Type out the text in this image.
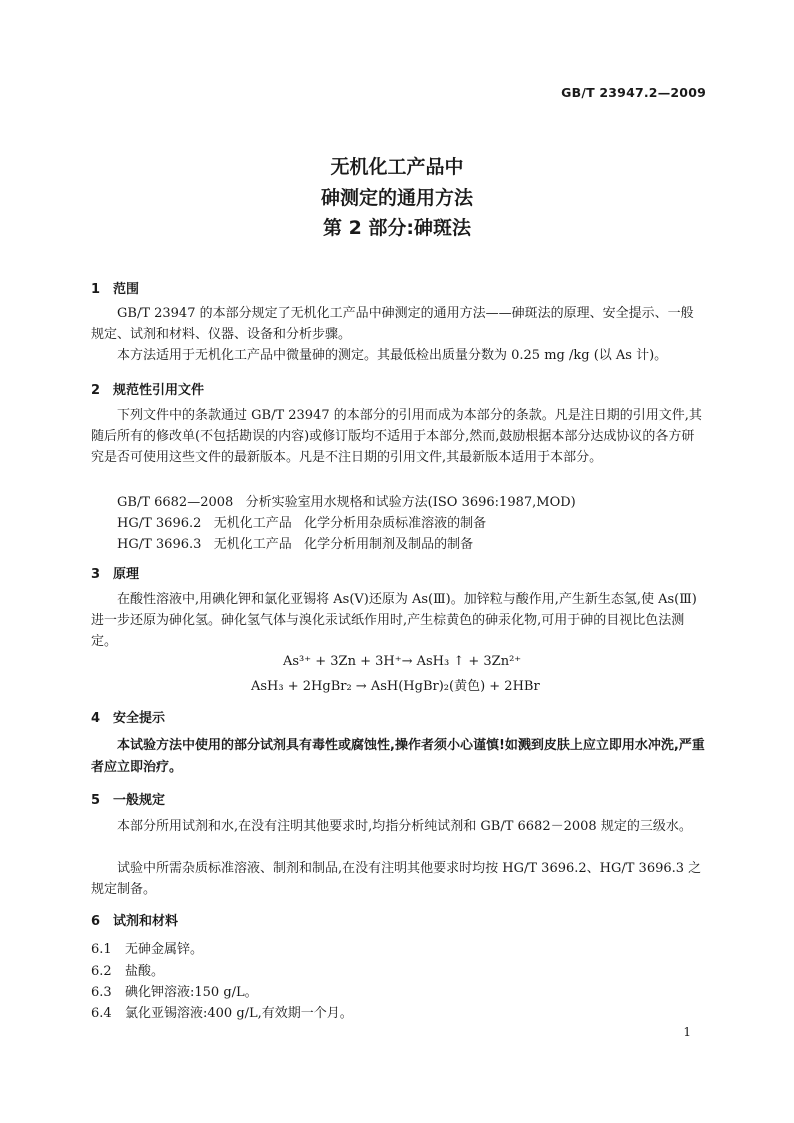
GB/T 23947.2—2009
无机化工产品中
砷测定的通用方法
第 2 部分:砷斑法
1 范围
GB/T 23947 的本部分规定了无机化工产品中砷测定的通用方法——砷斑法的原理、安全提示、一般规定、试剂和材料、仪器、设备和分析步骤。
本方法适用于无机化工产品中微量砷的测定。其最低检出质量分数为 0.25 mg /kg (以 As 计)。
2 规范性引用文件
下列文件中的条款通过 GB/T 23947 的本部分的引用而成为本部分的条款。凡是注日期的引用文件,其随后所有的修改单(不包括勘误的内容)或修订版均不适用于本部分,然而,鼓励根据本部分达成协议的各方研究是否可使用这些文件的最新版本。凡是不注日期的引用文件,其最新版本适用于本部分。
GB/T 6682—2008   分析实验室用水规格和试验方法(ISO 3696:1987,MOD)
HG/T 3696.2   无机化工产品   化学分析用杂质标准溶液的制备
HG/T 3696.3   无机化工产品   化学分析用制剂及制品的制备
3 原理
在酸性溶液中,用碘化钾和氯化亚锡将 As(Ⅴ)还原为 As(Ⅲ)。加锌粒与酸作用,产生新生态氢,使 As(Ⅲ)进一步还原为砷化氢。砷化氢气体与溴化汞试纸作用时,产生棕黄色的砷汞化物,可用于砷的目视比色法测定。
As³⁺ + 3Zn + 3H⁺→ AsH₃ ↑ + 3Zn²⁺
AsH₃ + 2HgBr₂ → AsH(HgBr)₂(黄色) + 2HBr
4 安全提示
本试验方法中使用的部分试剂具有毒性或腐蚀性,操作者须小心谨慎!如溅到皮肤上应立即用水冲洗,严重者应立即治疗。
5 一般规定
本部分所用试剂和水,在没有注明其他要求时,均指分析纯试剂和 GB/T 6682－2008 规定的三级水。
试验中所需杂质标准溶液、制剂和制品,在没有注明其他要求时均按 HG/T 3696.2、HG/T 3696.3 之规定制备。
6 试剂和材料
6.1 无砷金属锌。
6.2 盐酸。
6.3 碘化钾溶液:150 g/L。
6.4 氯化亚锡溶液:400 g/L,有效期一个月。
1
